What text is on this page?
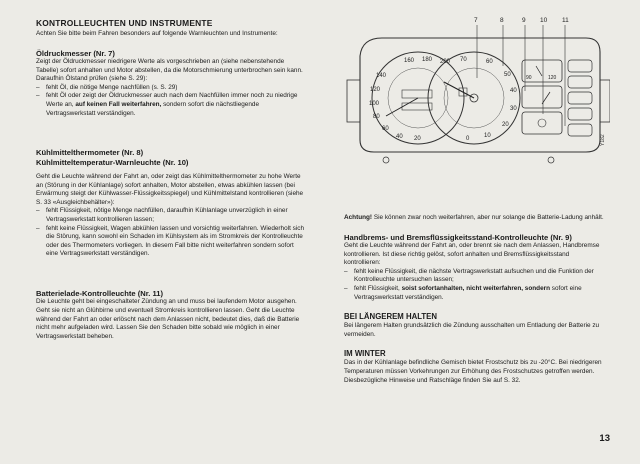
7	8	9 10 11
160 180 200
140
120
100
80
60
40 20
70	60
50
40
30
20
10
0
90	120
Y182
KONTROLLEUCHTEN UND INSTRUMENTE

Achten Sie bitte beim Fahren besonders auf folgende Warnleuchten und Instrumente:

Öldruckmesser (Nr. 7)

Zeigt der Öldruckmesser niedrigere Werte als vorgeschrieben an (siehe nebenstehende Tabelle) sofort anhalten und Motor abstellen, da die Motorschmierung unterbrochen sein kann. Daraufhin Ölstand prüfen (siehe S. 29):

– fehlt Öl, die nötige Menge nachfüllen (s. S. 29)
– fehlt Öl oder zeigt der Öldruckmesser auch nach dem Nachfüllen immer noch zu niedrige Werte an, auf keinen Fall weiterfahren, sondern sofort die nächstliegende Vertragswerkstatt verständigen.
Kühlmittelthermometer (Nr. 8)
Kühlmitteltemperatur-Warnleuchte (Nr. 10)

Geht die Leuchte während der Fahrt an, oder zeigt das Kühlmittelthermometer zu hohe Werte an (Störung in der Kühlanlage) sofort anhalten, Motor abstellen, etwas abkühlen lassen (bei Erwärmung steigt der Kühlwasser-Flüssigkeitsspiegel) und Kühlmittelstand kontrollieren (siehe S. 33 «Ausgleichbehälter»):

– fehlt Flüssigkeit, nötige Menge nachfüllen, daraufhin Kühlanlage unverzüglich in einer Vertragswerkstatt kontrollieren lassen;
– fehlt keine Flüssigkeit, Wagen abkühlen lassen und vorsichtig weiterfahren. Wiederholt sich die Störung, kann sowohl ein Schaden im Kühlsystem als im Stromkreis der Kontrolleuchte oder des Thermometers vorliegen. In diesem Fall bitte nicht weiterfahren sondern sofort eine Vertragswerkstatt verständigen.
Batterielade-Kontrolleuchte (Nr. 11)

Die Leuchte geht bei eingeschalteter Zündung an und muss bei laufendem Motor ausgehen. Geht sie nicht an Glühbirne und eventuell Stromkreis kontrollieren lassen. Geht die Leuchte während der Fahrt an oder erlöscht nach dem Anlassen nicht, bedeutet dies, daß die Batterie nicht mehr aufgeladen wird. Lassen Sie den Schaden bitte sobald wie möglich in einer Vertragswerkstatt beheben.

Achtung! Sie können zwar noch weiterfahren, aber nur solange die Batterie-Ladung anhält.

Handbrems- und Bremsflüssigkeitsstand-Kontrolleuchte (Nr. 9)

Geht die Leuchte während der Fahrt an, oder brennt sie nach dem Anlassen, Handbremse kontrollieren. Ist diese richtig gelöst, sofort anhalten und Bremsflüssigkeitsstand kontrollieren:

– fehlt keine Flüssigkeit, die nächste Vertragswerkstatt aufsuchen und die Funktion der Kontrolleuchte untersuchen lassen;
– fehlt Flüssigkeit, soist sofortanhalten, nicht weiterfahren, sondern sofort eine Vertragswerkstatt verständigen.
BEI LÄNGEREM HALTEN

Bei längerem Halten grundsätzlich die Zündung ausschalten um Entladung der Batterie zu vermeiden.

IM WINTER

Das in der Kühlanlage befindliche Gemisch bietet Frostschutz bis zu -20°C. Bei niedrigeren Temperaturen müssen Vorkehrungen zur Erhöhung des Frostschutzes getroffen werden. Diesbezügliche Hinweise und Ratschläge finden Sie auf S. 32.

13
